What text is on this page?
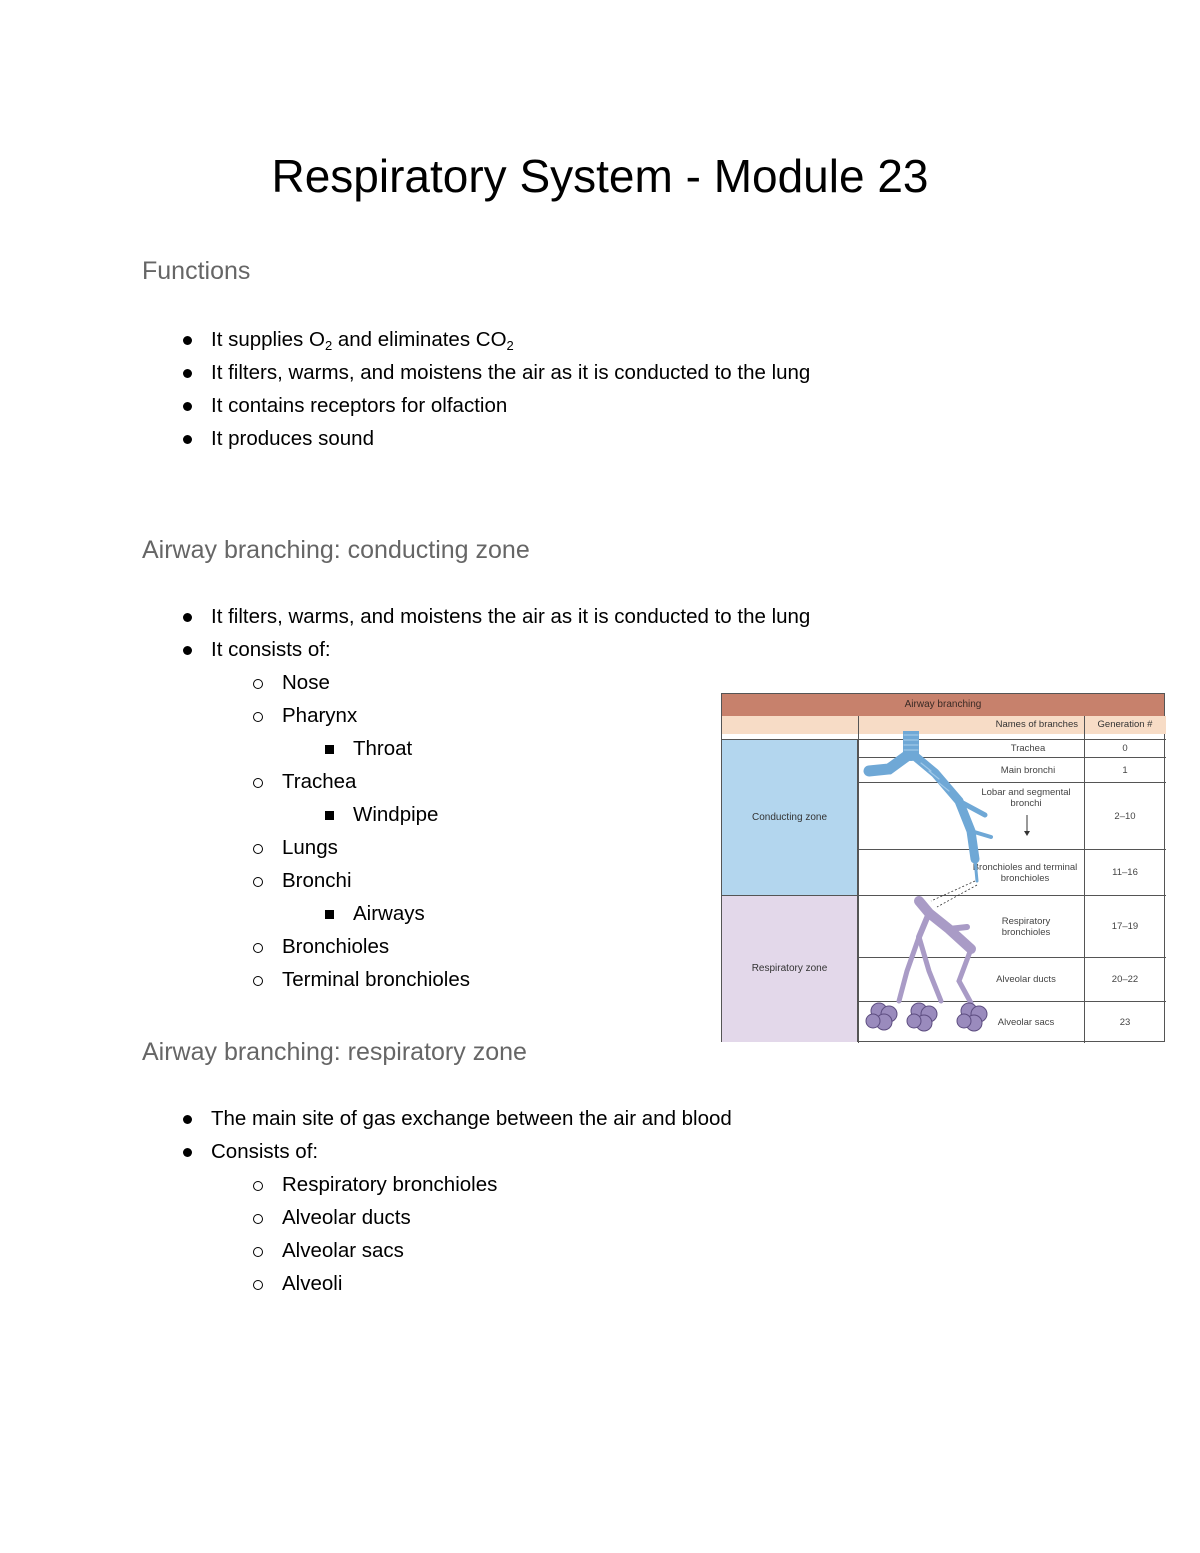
Respiratory System - Module 23
Functions
It supplies $O_2$ and eliminates $CO_2$
It filters, warms, and moistens the air as it is conducted to the lung
It contains receptors for olfaction
It produces sound
Airway branching: conducting zone
It filters, warms, and moistens the air as it is conducted to the lung
It consists of:
Nose
Pharynx
Throat
Trachea
Windpipe
Lungs
Bronchi
Airways
Bronchioles
Terminal bronchioles
Airway branching: respiratory zone
The main site of gas exchange between the air and blood
Consists of:
Respiratory bronchioles
Alveolar ducts
Alveolar sacs
Alveoli
Airway branching
Names of branches	Generation #
Conducting zone
Respiratory zone
Trachea
Main bronchi
Lobar and segmental bronchi
Bronchioles and terminal bronchioles
Respiratory bronchioles
Alveolar ducts
Alveolar sacs
0
1
2–10
11–16
17–19
20–22
23
